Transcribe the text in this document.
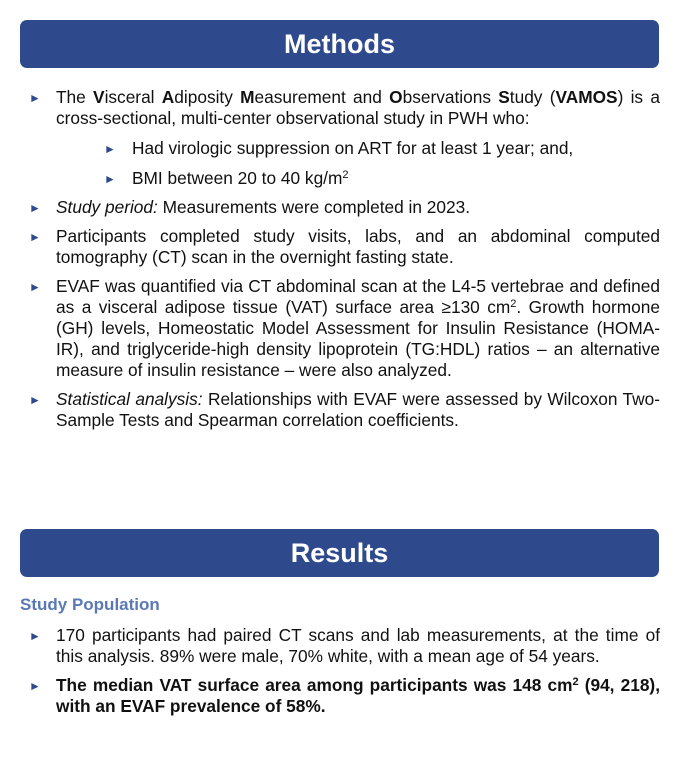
Methods
► The Visceral Adiposity Measurement and Observations Study (VAMOS) is a cross-sectional, multi-center observational study in PWH who:
► Had virologic suppression on ART for at least 1 year; and,
► BMI between 20 to 40 $kg/m^2$
► Study period: Measurements were completed in 2023.
► Participants completed study visits, labs, and an abdominal computed tomography (CT) scan in the overnight fasting state.
► EVAF was quantified via CT abdominal scan at the L4-5 vertebrae and defined as a visceral adipose tissue (VAT) surface area ≥130 $cm^2$. Growth hormone (GH) levels, Homeostatic Model Assessment for Insulin Resistance (HOMA-IR), and triglyceride-high density lipoprotein (TG:HDL) ratios – an alternative measure of insulin resistance – were also analyzed.
► Statistical analysis: Relationships with EVAF were assessed by Wilcoxon Two-Sample Tests and Spearman correlation coefficients.
Results
Study Population
► 170 participants had paired CT scans and lab measurements, at the time of this analysis. 89% were male, 70% white, with a mean age of 54 years.
► The median VAT surface area among participants was 148 $cm^2$ (94, 218), with an EVAF prevalence of 58%.
